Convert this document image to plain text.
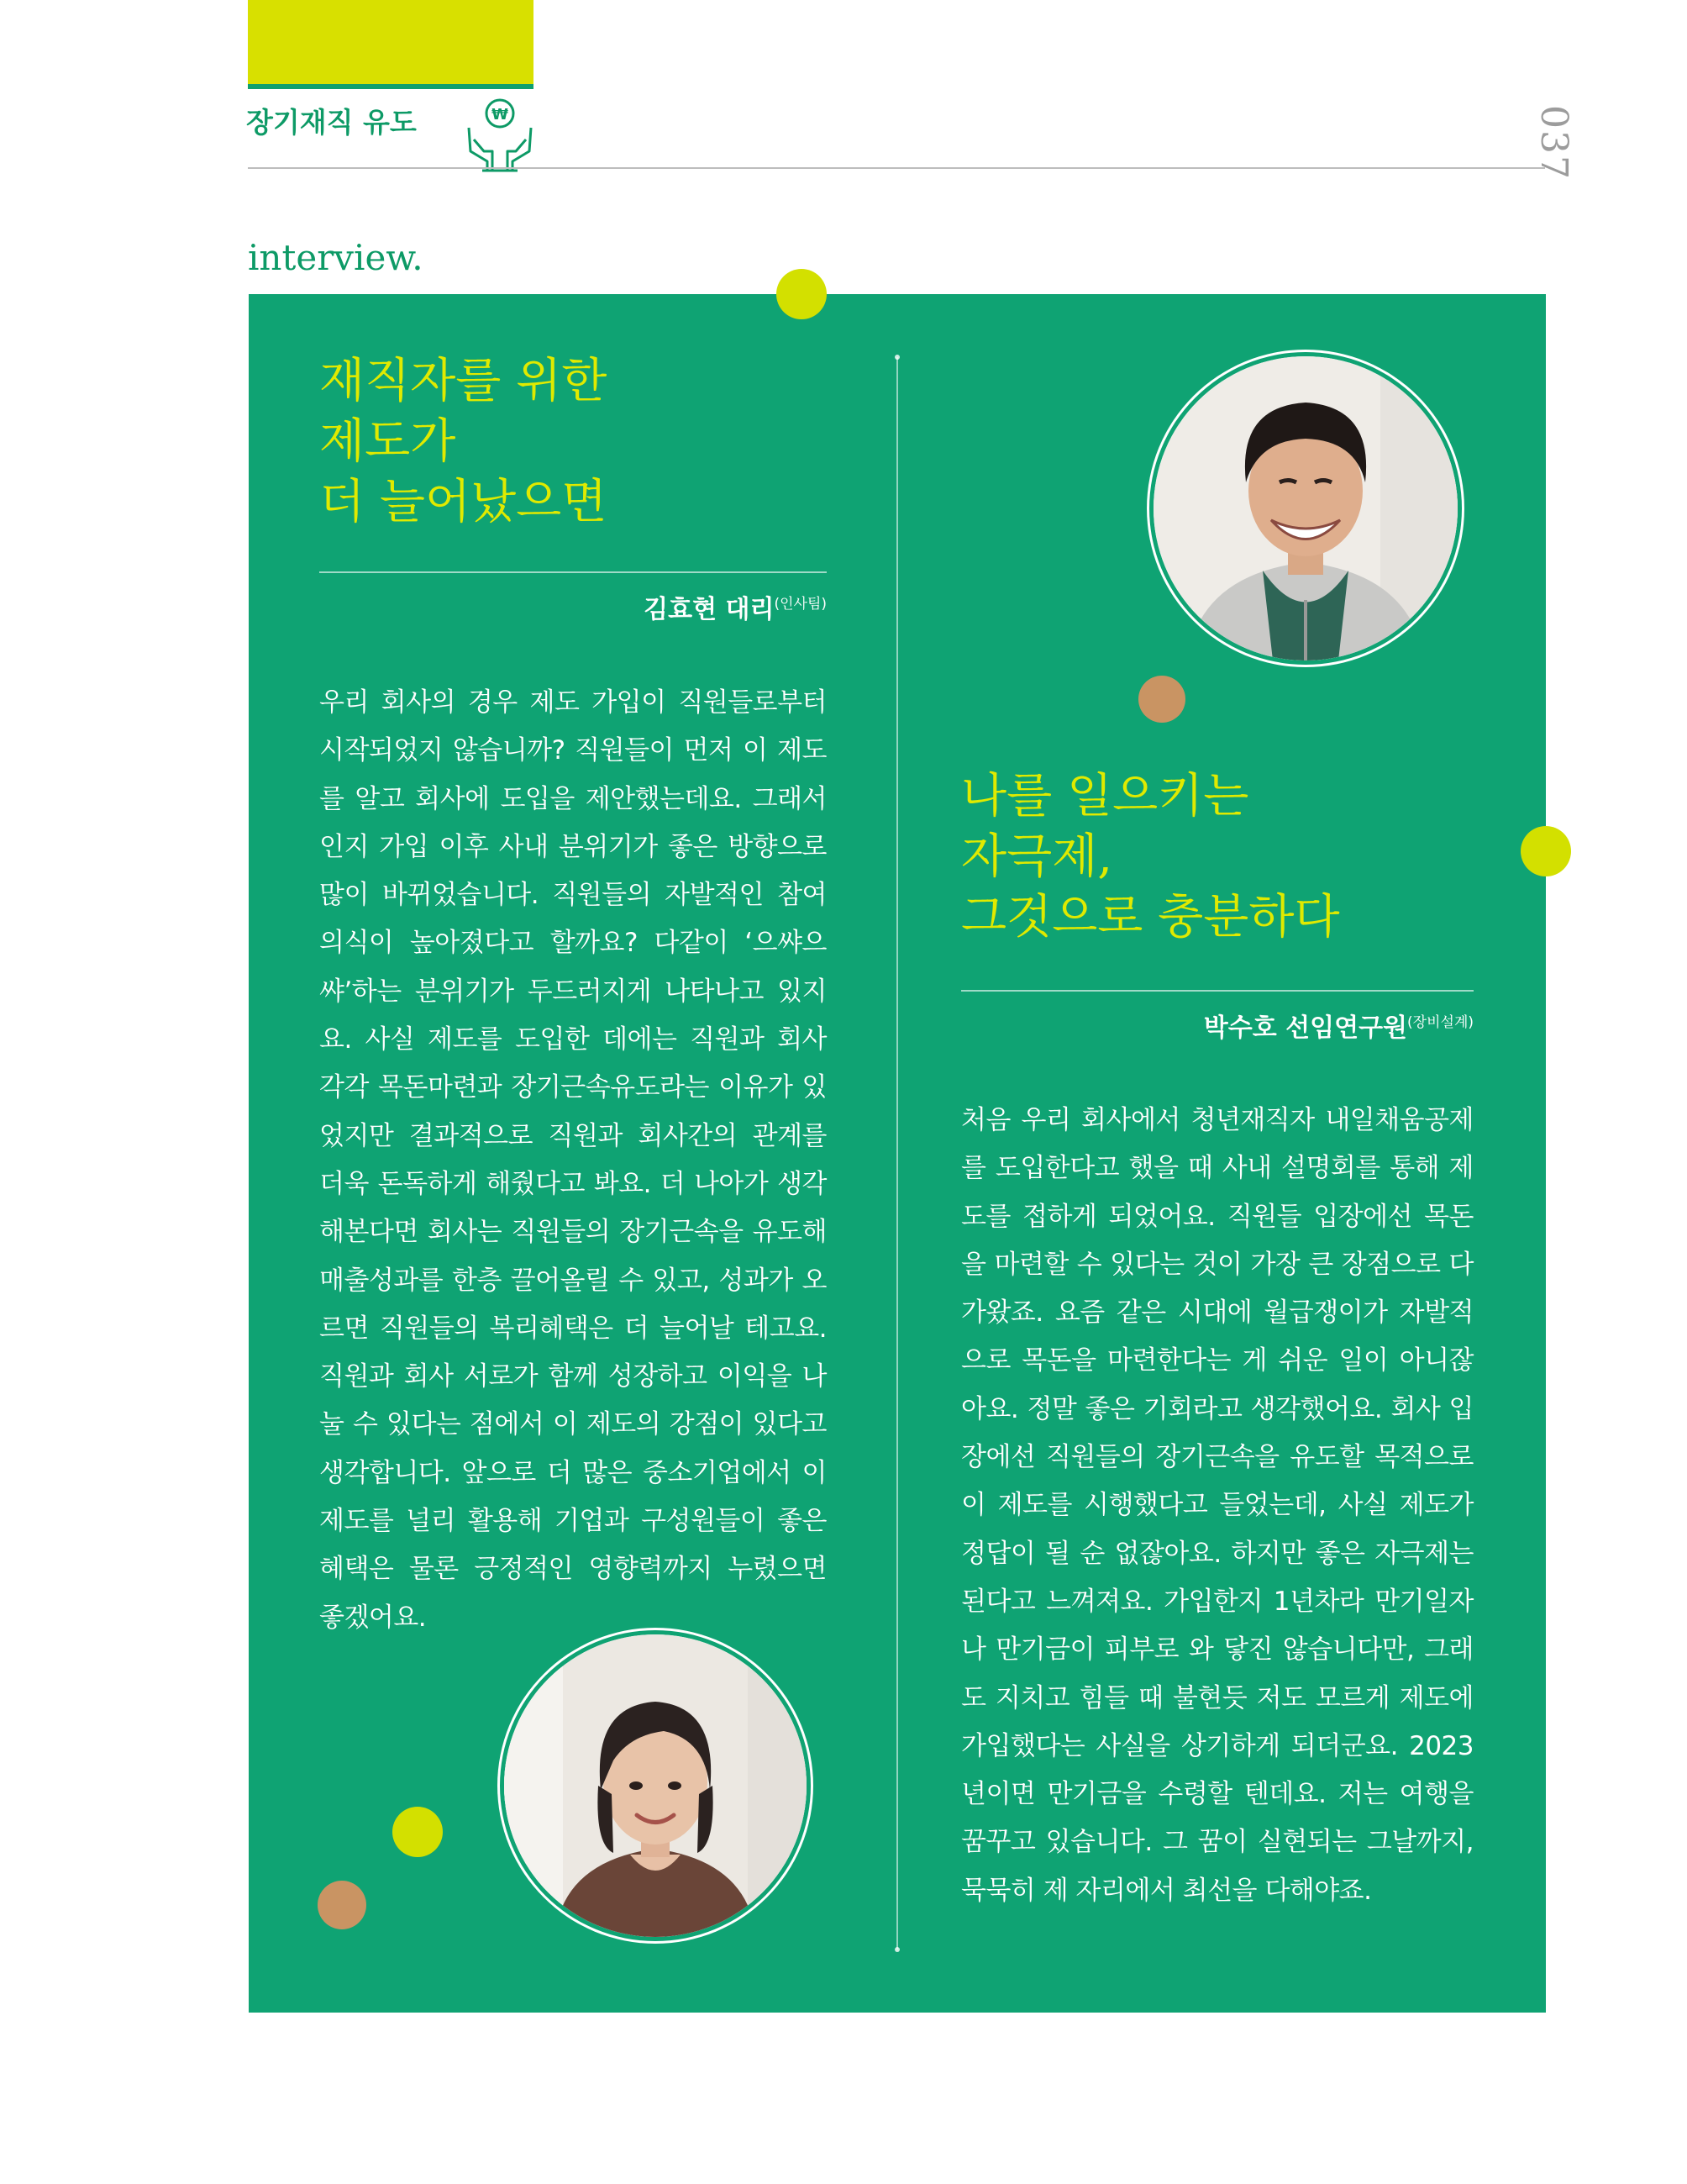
장기재직 유도	₩	037
interview.
재직자를 위한
제도가
더 늘어났으면
김효현 대리$^{(인사팀)}$
우리 회사의 경우 제도 가입이 직원들로부터 시작되었지 않습니까? 직원들이 먼저 이 제도를 알고 회사에 도입을 제안했는데요. 그래서인지 가입 이후 사내 분위기가 좋은 방향으로 많이 바뀌었습니다. 직원들의 자발적인 참여의식이 높아졌다고 할까요? 다같이 ‘으쌰으쌰’하는 분위기가 두드러지게 나타나고 있지요. 사실 제도를 도입한 데에는 직원과 회사 각각 목돈마련과 장기근속유도라는 이유가 있었지만 결과적으로 직원과 회사간의 관계를 더욱 돈독하게 해줬다고 봐요. 더 나아가 생각해본다면 회사는 직원들의 장기근속을 유도해 매출성과를 한층 끌어올릴 수 있고, 성과가 오르면 직원들의 복리혜택은 더 늘어날 테고요. 직원과 회사 서로가 함께 성장하고 이익을 나눌 수 있다는 점에서 이 제도의 강점이 있다고 생각합니다. 앞으로 더 많은 중소기업에서 이 제도를 널리 활용해 기업과 구성원들이 좋은 혜택은 물론 긍정적인 영향력까지 누렸으면 좋겠어요.
나를 일으키는
자극제,
그것으로 충분하다
박수호 선임연구원$^{(장비설계)}$
처음 우리 회사에서 청년재직자 내일채움공제를 도입한다고 했을 때 사내 설명회를 통해 제도를 접하게 되었어요. 직원들 입장에선 목돈을 마련할 수 있다는 것이 가장 큰 장점으로 다가왔죠. 요즘 같은 시대에 월급쟁이가 자발적으로 목돈을 마련한다는 게 쉬운 일이 아니잖아요. 정말 좋은 기회라고 생각했어요. 회사 입장에선 직원들의 장기근속을 유도할 목적으로 이 제도를 시행했다고 들었는데, 사실 제도가 정답이 될 순 없잖아요. 하지만 좋은 자극제는 된다고 느껴져요. 가입한지 1년차라 만기일자나 만기금이 피부로 와 닿진 않습니다만, 그래도 지치고 힘들 때 불현듯 저도 모르게 제도에 가입했다는 사실을 상기하게 되더군요. 2023년이면 만기금을 수령할 텐데요. 저는 여행을 꿈꾸고 있습니다. 그 꿈이 실현되는 그날까지, 묵묵히 제 자리에서 최선을 다해야죠.
